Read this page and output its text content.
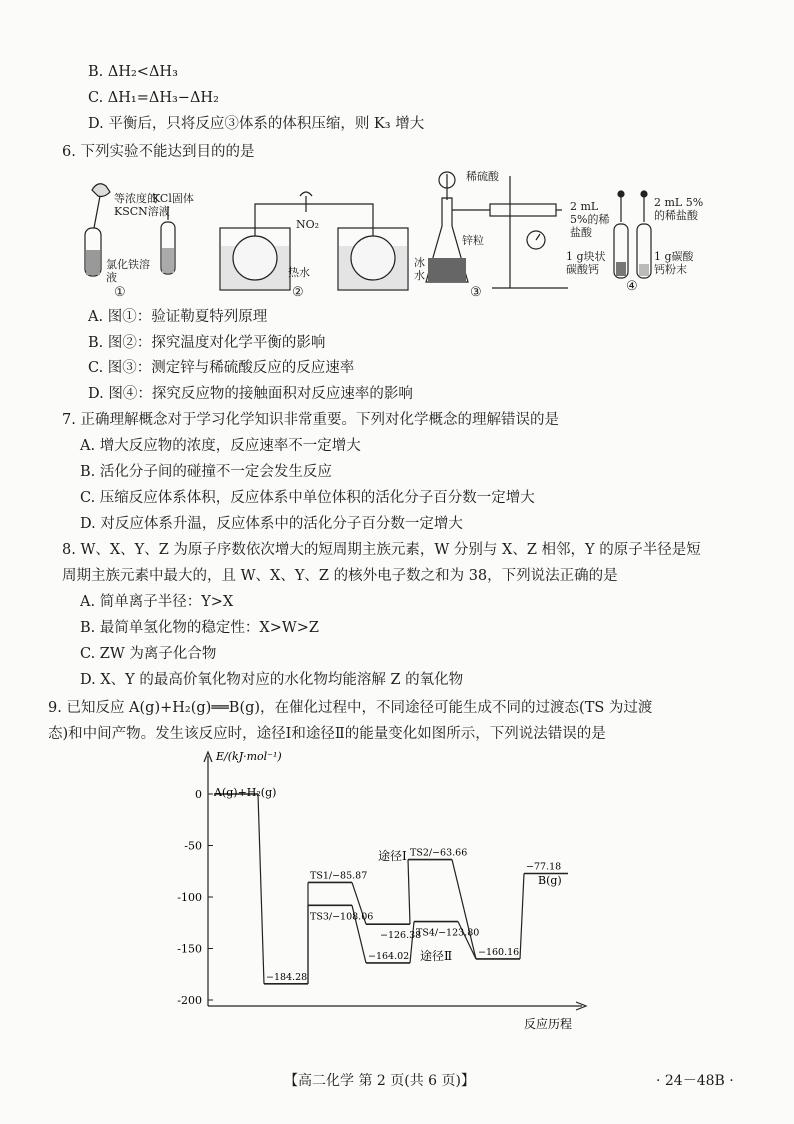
B. ΔH₂<ΔH₃
C. ΔH₁=ΔH₃−ΔH₂
D. 平衡后，只将反应③体系的体积压缩，则 K₃ 增大
6. 下列实验不能达到目的的是
等浓度的KSCN溶液
KCl固体
氯化铁溶液
①
NO₂
热水
冰水
②
稀硫酸
锌粒
③
2 mL 5%的稀盐酸
2 mL 5%的稀盐酸
1 g块状碳酸钙
1 g碳酸钙粉末
④
A. 图①：验证勒夏特列原理
B. 图②：探究温度对化学平衡的影响
C. 图③：测定锌与稀硫酸反应的反应速率
D. 图④：探究反应物的接触面积对反应速率的影响
7. 正确理解概念对于学习化学知识非常重要。下列对化学概念的理解错误的是
A. 增大反应物的浓度，反应速率不一定增大
B. 活化分子间的碰撞不一定会发生反应
C. 压缩反应体系体积，反应体系中单位体积的活化分子百分数一定增大
D. 对反应体系升温，反应体系中的活化分子百分数一定增大
8. W、X、Y、Z 为原子序数依次增大的短周期主族元素，W 分别与 X、Z 相邻，Y 的原子半径是短
周期主族元素中最大的，且 W、X、Y、Z 的核外电子数之和为 38，下列说法正确的是
A. 简单离子半径：Y>X
B. 最简单氢化物的稳定性：X>W>Z
C. ZW 为离子化合物
D. X、Y 的最高价氧化物对应的水化物均能溶解 Z 的氧化物
9. 已知反应 A(g)+H₂(g)══B(g)，在催化过程中，不同途径可能生成不同的过渡态(TS 为过渡
态)和中间产物。发生该反应时，途径Ⅰ和途径Ⅱ的能量变化如图所示，下列说法错误的是
E/(kJ·mol⁻¹)
反应历程
0
-50
-100
-150
-200
−184.28
TS1/−85.87
−126.38
TS2/−63.66
−160.16
−77.18
TS3/−108.06
−164.02
TS4/−123.80
A(g)+H₂(g)
B(g)
途径Ⅰ
途径Ⅱ
【高二化学 第 2 页(共 6 页)】	· 24－48B ·
